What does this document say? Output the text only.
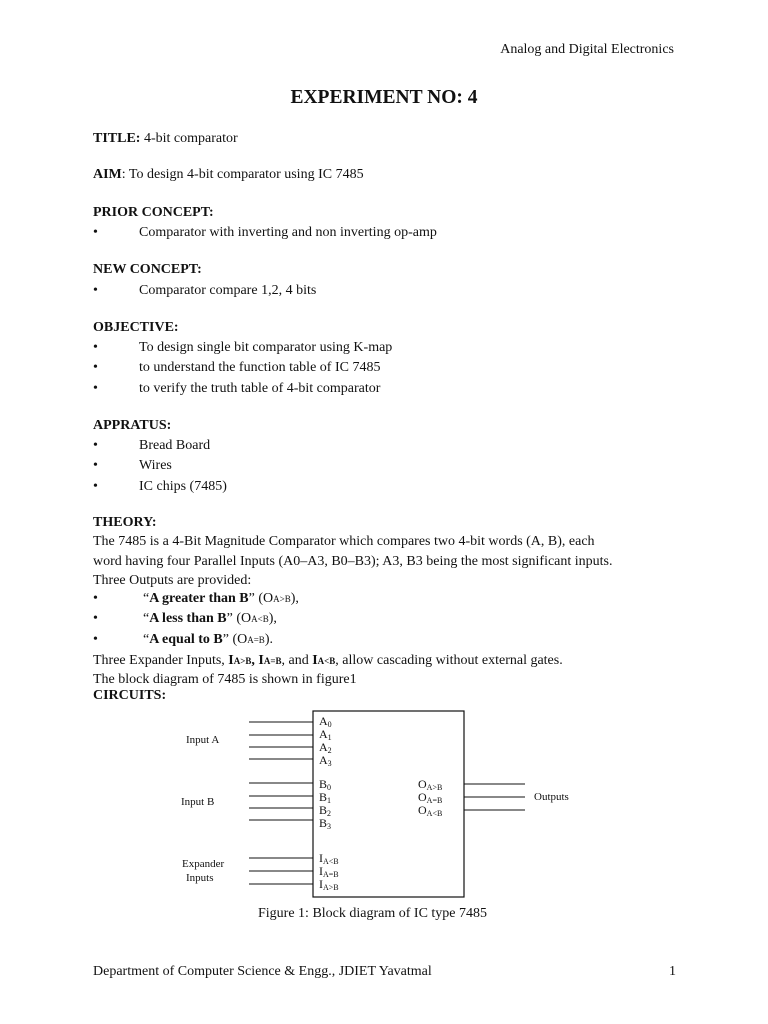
Analog and Digital Electronics
EXPERIMENT NO: 4
TITLE: 4-bit comparator
AIM: To design 4-bit comparator using IC 7485
PRIOR CONCEPT:
•	Comparator with inverting and non inverting op-amp
NEW CONCEPT:
•	Comparator compare 1,2, 4 bits
OBJECTIVE:
•	To design single bit comparator using K-map
•	to understand the function table of IC 7485
•	to verify the truth table of 4-bit comparator
APPRATUS:
•	Bread Board
•	Wires
•	IC chips (7485)
THEORY:
The 7485 is a 4-Bit Magnitude Comparator which compares two 4-bit words (A, B), each
word having four Parallel Inputs (A0–A3, B0–B3); A3, B3 being the most significant inputs.
Three Outputs are provided:
•	“A greater than B” (OA>B),
•	“A less than B” (OA<B),
•	“A equal to B” (OA=B).
Three Expander Inputs, IA>B, IA=B, and IA<B, allow cascading without external gates.
The block diagram of 7485 is shown in figure1
CIRCUITS:
Input A
Input B
Expander
Inputs
Outputs
A0
A1
A2
A3
B0
B1
B2
B3
IA<B
IA=B
IA>B
OA>B
OA=B
OA<B
Figure 1: Block diagram of IC type 7485
Department of Computer Science & Engg., JDIET Yavatmal	1
